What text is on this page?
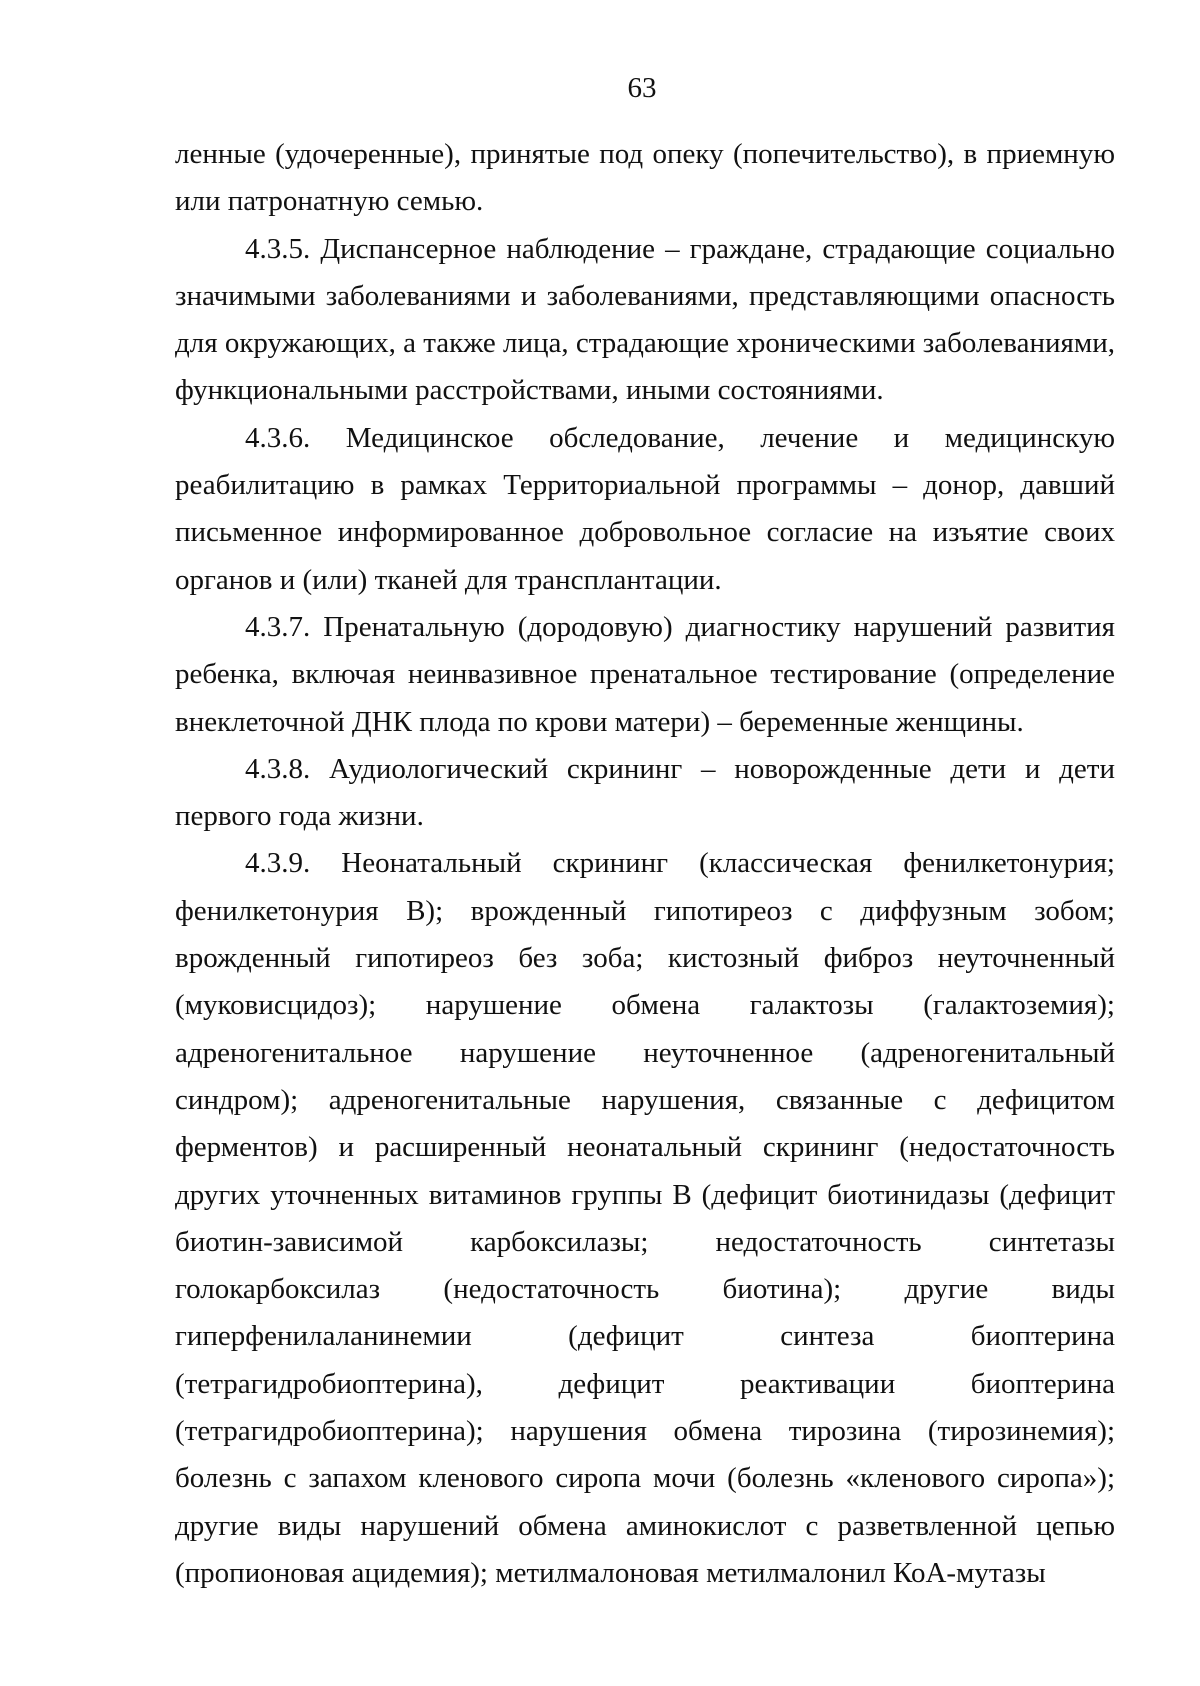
63

ленные (удочеренные), принятые под опеку (попечительство), в приемную или патронатную семью.

4.3.5. Диспансерное наблюдение – граждане, страдающие социально значимыми заболеваниями и заболеваниями, представляющими опасность для окружающих, а также лица, страдающие хроническими заболеваниями, функциональными расстройствами, иными состояниями.

4.3.6. Медицинское обследование, лечение и медицинскую реабилитацию в рамках Территориальной программы – донор, давший письменное информированное добровольное согласие на изъятие своих органов и (или) тканей для трансплантации.

4.3.7. Пренатальную (дородовую) диагностику нарушений развития ребенка, включая неинвазивное пренатальное тестирование (определение внеклеточной ДНК плода по крови матери) – беременные женщины.

4.3.8. Аудиологический скрининг – новорожденные дети и дети первого года жизни.

4.3.9. Неонатальный скрининг (классическая фенилкетонурия; фенилкетонурия В); врожденный гипотиреоз с диффузным зобом; врожденный гипотиреоз без зоба; кистозный фиброз неуточненный (муковисцидоз); нарушение обмена галактозы (галактоземия); адреногенитальное нарушение неуточненное (адреногенитальный синдром); адреногенитальные нарушения, связанные с дефицитом ферментов) и расширенный неонатальный скрининг (недостаточность других уточненных витаминов группы В (дефицит биотинидазы (дефицит биотин-зависимой карбоксилазы; недостаточность синтетазы голокарбоксилаз (недостаточность биотина); другие виды гиперфенилаланинемии (дефицит синтеза биоптерина (тетрагидробиоптерина), дефицит реактивации биоптерина (тетрагидробиоптерина); нарушения обмена тирозина (тирозинемия); болезнь с запахом кленового сиропа мочи (болезнь «кленового сиропа»); другие виды нарушений обмена аминокислот с разветвленной цепью (пропионовая ацидемия); метилмалоновая метилмалонил КоА-мутазы
